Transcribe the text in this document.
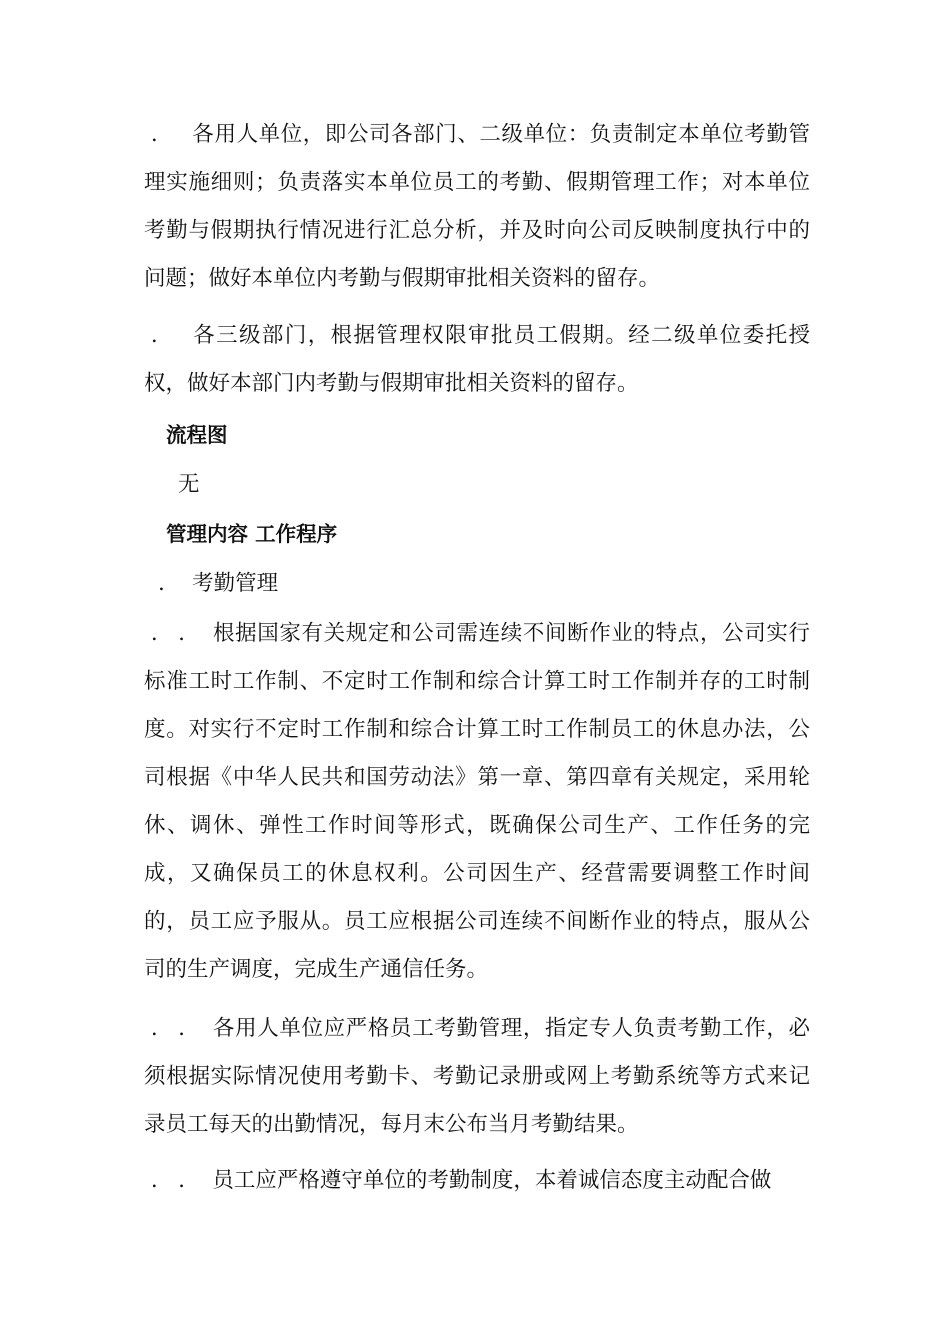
.     各用人单位，即公司各部门、二级单位：负责制定本单位考勤管理实施细则；负责落实本单位员工的考勤、假期管理工作；对本单位考勤与假期执行情况进行汇总分析，并及时向公司反映制度执行中的问题；做好本单位内考勤与假期审批相关资料的留存。

.     各三级部门，根据管理权限审批员工假期。经二级单位委托授权，做好本部门内考勤与假期审批相关资料的留存。

流程图

无

管理内容 工作程序

.    考勤管理

.   .    根据国家有关规定和公司需连续不间断作业的特点，公司实行标准工时工作制、不定时工作制和综合计算工时工作制并存的工时制度。对实行不定时工作制和综合计算工时工作制员工的休息办法，公司根据《中华人民共和国劳动法》第一章、第四章有关规定，采用轮休、调休、弹性工作时间等形式，既确保公司生产、工作任务的完成，又确保员工的休息权利。公司因生产、经营需要调整工作时间的，员工应予服从。员工应根据公司连续不间断作业的特点，服从公司的生产调度，完成生产通信任务。

.   .    各用人单位应严格员工考勤管理，指定专人负责考勤工作，必须根据实际情况使用考勤卡、考勤记录册或网上考勤系统等方式来记录员工每天的出勤情况，每月末公布当月考勤结果。

.   .    员工应严格遵守单位的考勤制度，本着诚信态度主动配合做
